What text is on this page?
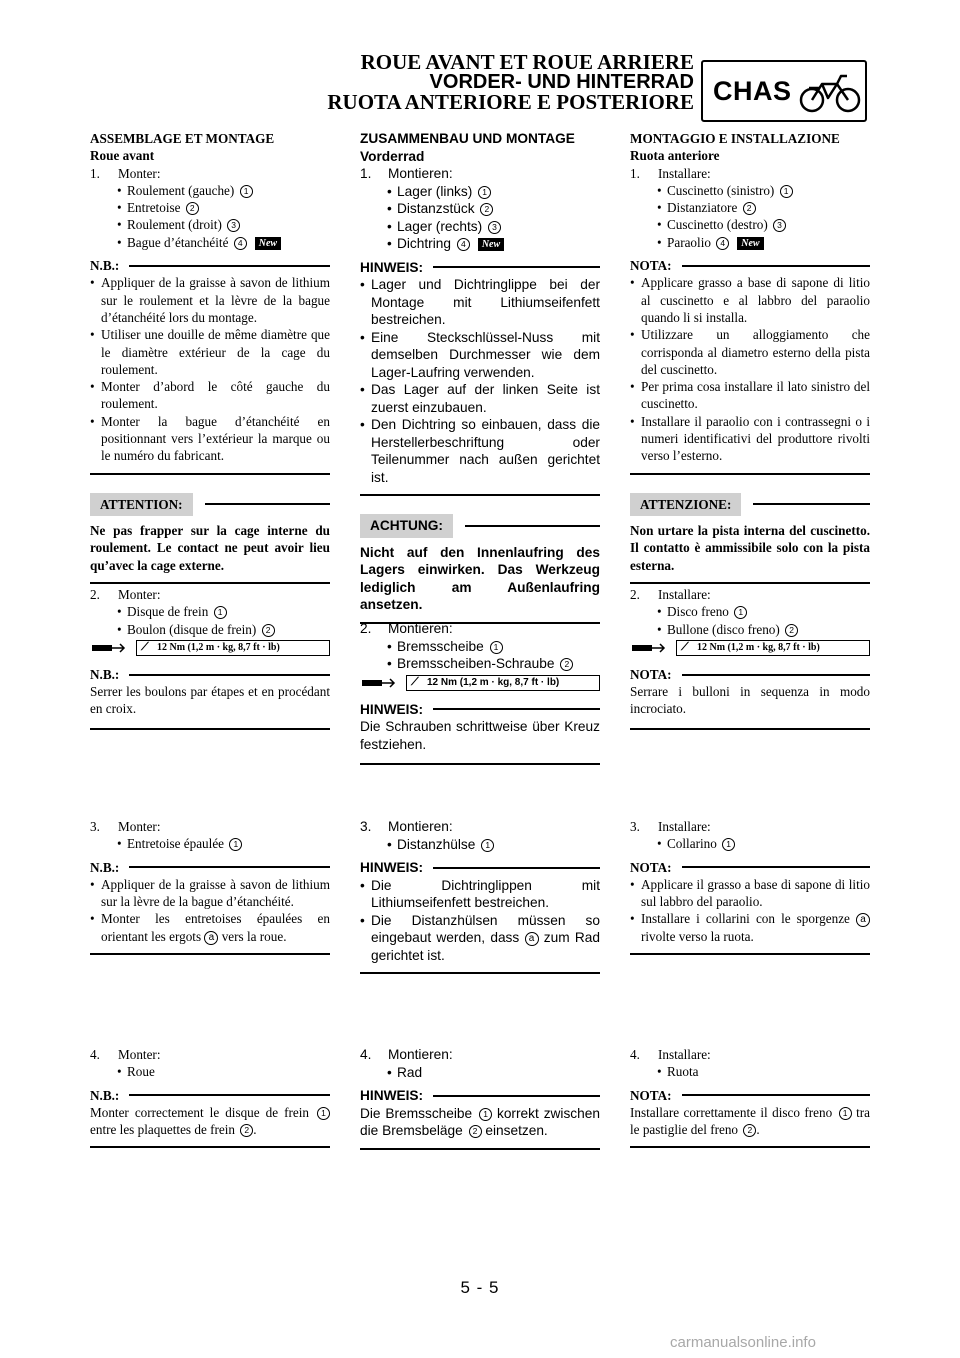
ROUE AVANT ET ROUE ARRIERE
VORDER- UND HINTERRAD
RUOTA ANTERIORE E POSTERIORE CHAS
ASSEMBLAGE ET MONTAGE
Roue avant
1. Monter:
• Roulement (gauche) 1
• Entretoise 2
• Roulement (droit) 3
• Bague d’étanchéité 4 New
N.B.:
• Appliquer de la graisse à savon de lithium sur le roulement et la lèvre de la bague d’étanchéité lors du montage.
• Utiliser une douille de même diamètre que le diamètre extérieur de la cage du roulement.
• Monter d’abord le côté gauche du roulement.
• Monter la bague d’étanchéité en positionnant vers l’extérieur la marque ou le numéro du fabricant.
ATTENTION:
Ne pas frapper sur la cage interne du roulement. Le contact ne peut avoir lieu qu’avec la cage externe.
2. Monter:
• Disque de frein 1
• Boulon (disque de frein) 2
⟋ 12 Nm (1,2 m · kg, 8,7 ft · lb)
N.B.:
Serrer les boulons par étapes et en procédant en croix.
3. Monter:
• Entretoise épaulée 1
N.B.:
• Appliquer de la graisse à savon de lithium sur la lèvre de la bague d’étanchéité.
• Monter les entretoises épaulées en orientant les ergots a vers la roue.
4. Monter:
• Roue
N.B.:
Monter correctement le disque de frein 1 entre les plaquettes de frein 2 .
ZUSAMMENBAU UND MONTAGE
Vorderrad
1. Montieren:
• Lager (links) 1
• Distanzstück 2
• Lager (rechts) 3
• Dichtring 4 New
HINWEIS:
• Lager und Dichtringlippe bei der Montage mit Lithiumseifenfett bestreichen.
• Eine Steckschlüssel-Nuss mit demselben Durchmesser wie dem Lager-Laufring verwenden.
• Das Lager auf der linken Seite ist zuerst einzubauen.
• Den Dichtring so einbauen, dass die Herstellerbeschriftung oder Teilenummer nach außen gerichtet ist.
ACHTUNG:
Nicht auf den Innenlaufring des Lagers einwirken. Das Werkzeug lediglich am Außenlaufring ansetzen.
2. Montieren:
• Bremsscheibe 1
• Bremsscheiben-Schraube 2
⟋ 12 Nm (1,2 m · kg, 8,7 ft · lb)
HINWEIS:
Die Schrauben schrittweise über Kreuz festziehen.
3. Montieren:
• Distanzhülse 1
HINWEIS:
• Die Dichtringlippen mit Lithiumseifenfett bestreichen.
• Die Distanzhülsen müssen so eingebaut werden, dass a zum Rad gerichtet ist.
4. Montieren:
• Rad
HINWEIS:
Die Bremsscheibe 1 korrekt zwischen die Bremsbeläge 2 einsetzen.
MONTAGGIO E INSTALLAZIONE
Ruota anteriore
1. Installare:
• Cuscinetto (sinistro) 1
• Distanziatore 2
• Cuscinetto (destro) 3
• Paraolio 4 New
NOTA:
• Applicare grasso a base di sapone di litio al cuscinetto e al labbro del paraolio quando li si installa.
• Utilizzare un alloggiamento che corrisponda al diametro esterno della pista del cuscinetto.
• Per prima cosa installare il lato sinistro del cuscinetto.
• Installare il paraolio con i contrassegni o i numeri identificativi del produttore rivolti verso l’esterno.
ATTENZIONE:
Non urtare la pista interna del cuscinetto. Il contatto è ammissibile solo con la pista esterna.
2. Installare:
• Disco freno 1
• Bullone (disco freno) 2
⟋ 12 Nm (1,2 m · kg, 8,7 ft · lb)
NOTA:
Serrare i bulloni in sequenza in modo incrociato.
3. Installare:
• Collarino 1
NOTA:
• Applicare il grasso a base di sapone di litio sul labbro del paraolio.
• Installare i collarini con le sporgenze a rivolte verso la ruota.
4. Installare:
• Ruota
NOTA:
Installare correttamente il disco freno 1 tra le pastiglie del freno 2 .
5 - 5
carmanualsonline.info
